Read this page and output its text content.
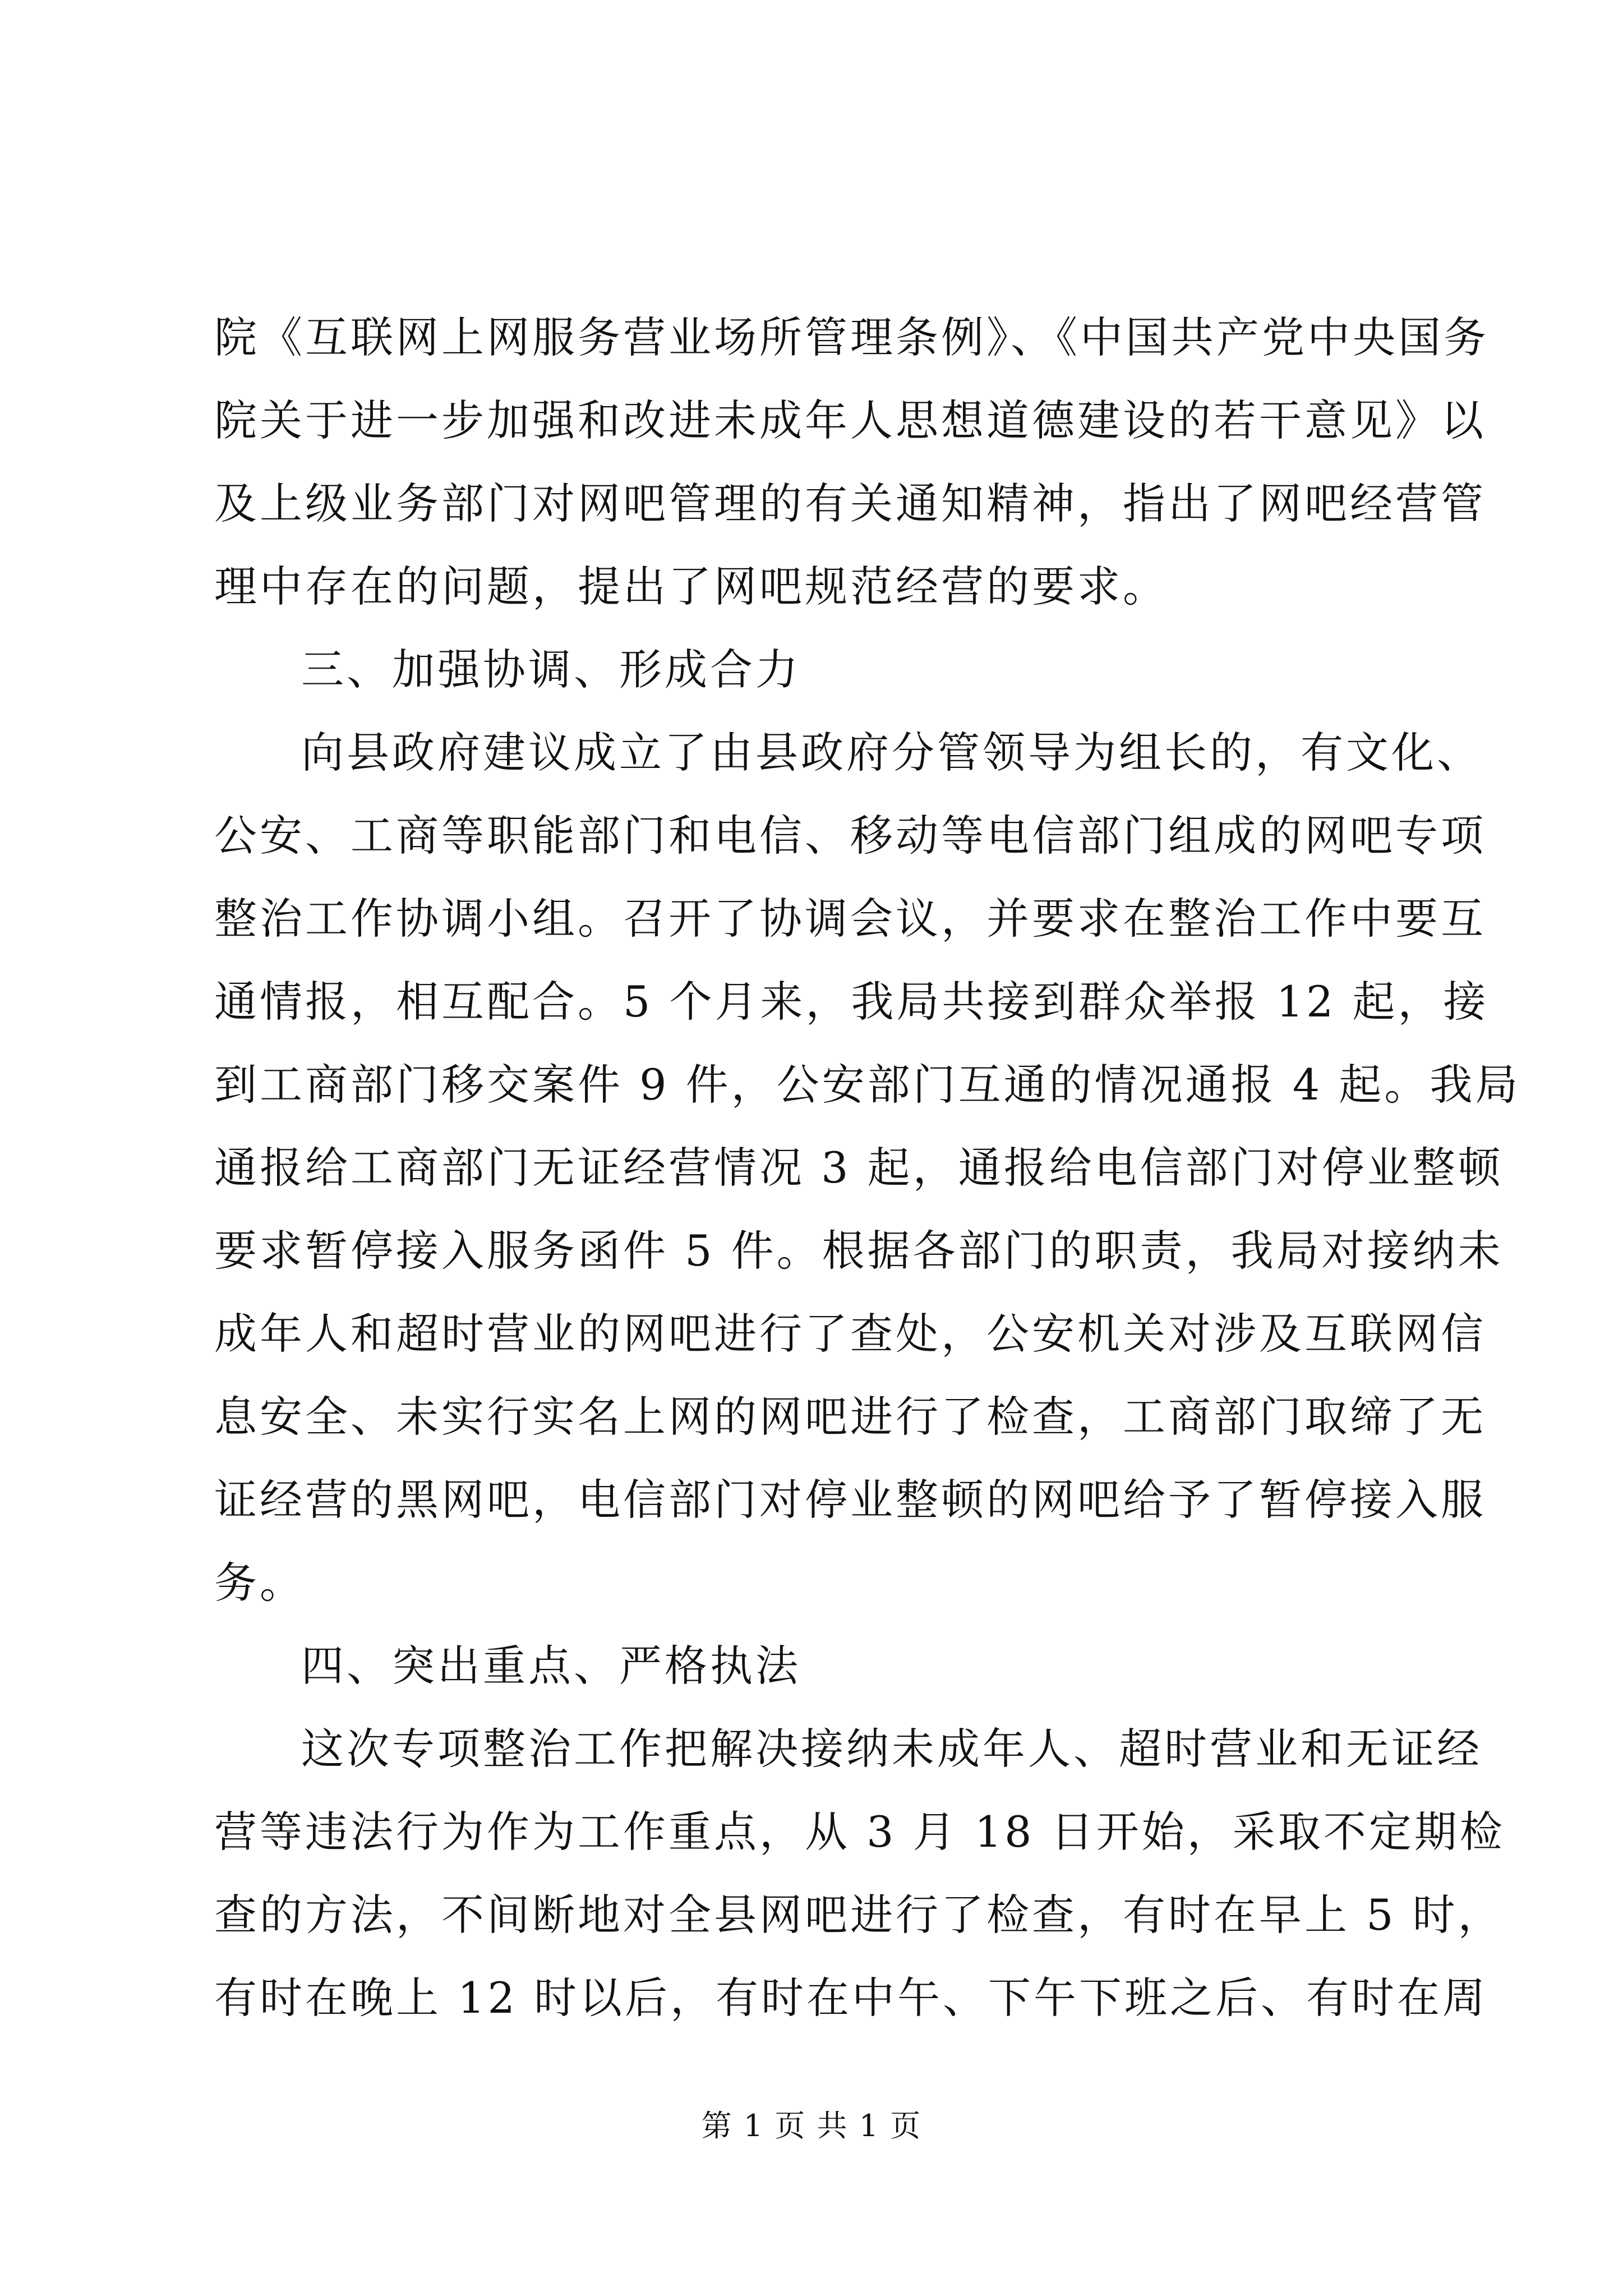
院《互联网上网服务营业场所管理条例》、《中国共产党中央国务
院关于进一步加强和改进未成年人思想道德建设的若干意见》以
及上级业务部门对网吧管理的有关通知精神，指出了网吧经营管
理中存在的问题，提出了网吧规范经营的要求。
三、加强协调、形成合力
向县政府建议成立了由县政府分管领导为组长的，有文化、
公安、工商等职能部门和电信、移动等电信部门组成的网吧专项
整治工作协调小组。召开了协调会议，并要求在整治工作中要互
通情报，相互配合。5 个月来，我局共接到群众举报 12 起，接
到工商部门移交案件 9 件，公安部门互通的情况通报 4 起。我局
通报给工商部门无证经营情况 3 起，通报给电信部门对停业整顿
要求暂停接入服务函件 5 件。根据各部门的职责，我局对接纳未
成年人和超时营业的网吧进行了查处，公安机关对涉及互联网信
息安全、未实行实名上网的网吧进行了检查，工商部门取缔了无
证经营的黑网吧，电信部门对停业整顿的网吧给予了暂停接入服
务。
四、突出重点、严格执法
这次专项整治工作把解决接纳未成年人、超时营业和无证经
营等违法行为作为工作重点，从 3 月 18 日开始，采取不定期检
查的方法，不间断地对全县网吧进行了检查，有时在早上 5 时，
有时在晚上 12 时以后，有时在中午、下午下班之后、有时在周
第 1 页 共 1 页
